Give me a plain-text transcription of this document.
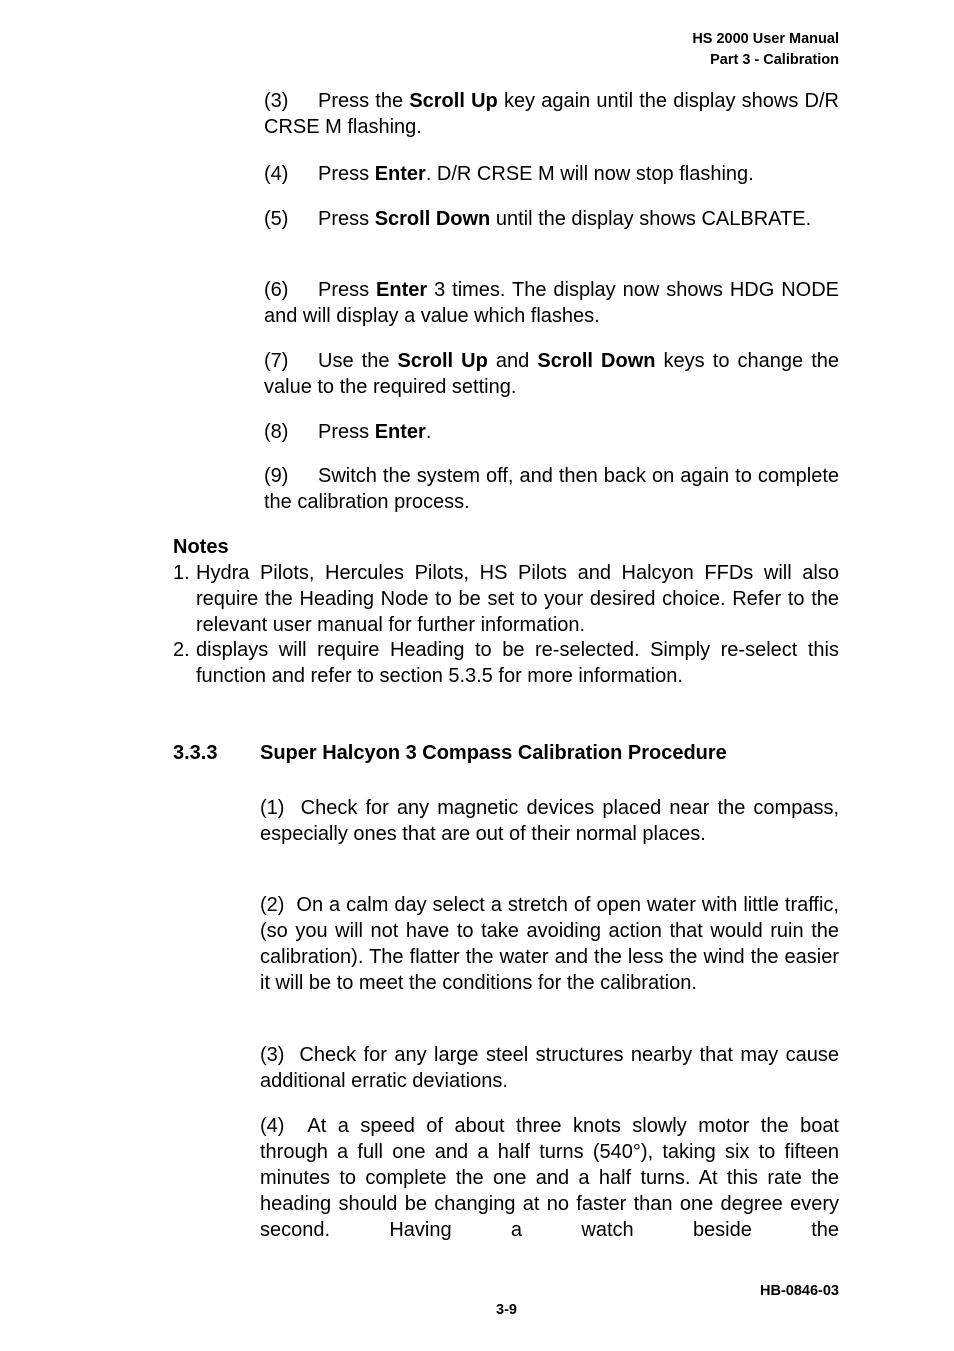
HS 2000 User Manual
Part 3 - Calibration

(3) Press the Scroll Up key again until the display shows D/R CRSE M flashing.

(4) Press Enter. D/R CRSE M will now stop flashing.

(5) Press Scroll Down until the display shows CALBRATE.

(6) Press Enter 3 times. The display now shows HDG NODE and will display a value which flashes.

(7) Use the Scroll Up and Scroll Down keys to change the value to the required setting.

(8) Press Enter.

(9) Switch the system off, and then back on again to complete the calibration process.

Notes
1. Hydra Pilots, Hercules Pilots, HS Pilots and Halcyon FFDs will also require the Heading Node to be set to your desired choice. Refer to the relevant user manual for further information.
2. displays will require Heading to be re-selected. Simply re-select this function and refer to section 5.3.5 for more information.
3.3.3 Super Halcyon 3 Compass Calibration Procedure

(1) Check for any magnetic devices placed near the compass, especially ones that are out of their normal places.

(2) On a calm day select a stretch of open water with little traffic, (so you will not have to take avoiding action that would ruin the calibration). The flatter the water and the less the wind the easier it will be to meet the conditions for the calibration.

(3) Check for any large steel structures nearby that may cause additional erratic deviations.

(4) At a speed of about three knots slowly motor the boat through a full one and a half turns (540°), taking six to fifteen minutes to complete the one and a half turns. At this rate the heading should be changing at no faster than one degree every second. Having a watch beside the

HB-0846-03
3-9
